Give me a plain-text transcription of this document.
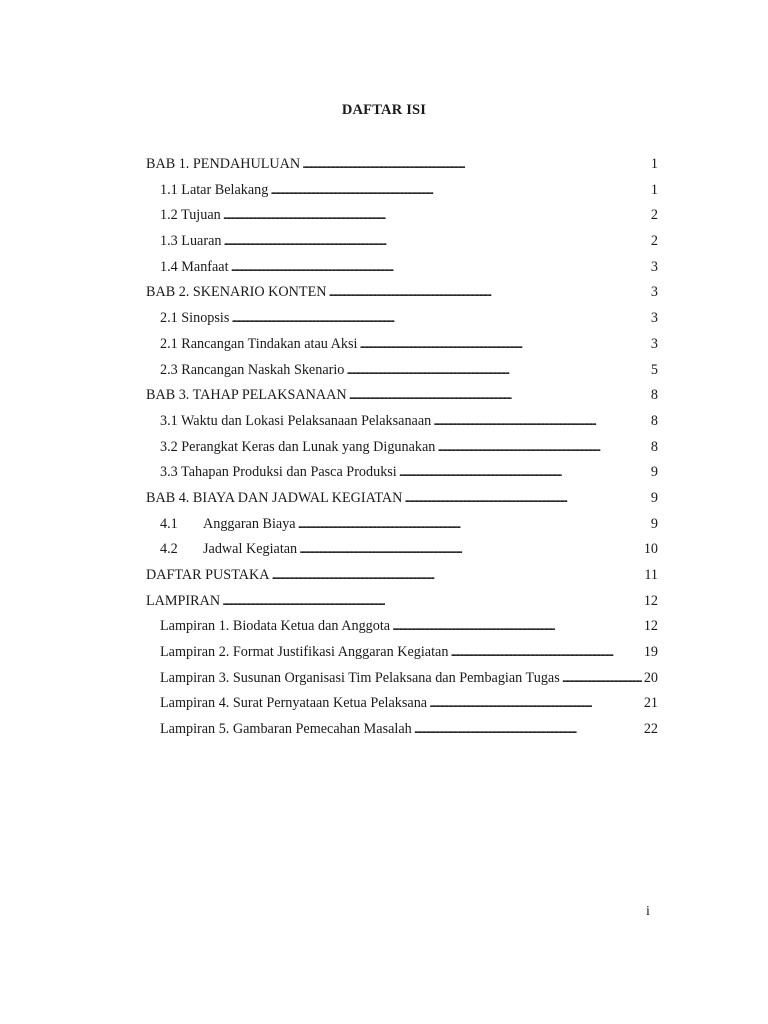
DAFTAR ISI
BAB 1. PENDAHULUAN . . .	1
1.1 Latar Belakang . . .	1
1.2 Tujuan . . .	2
1.3 Luaran . . .	2
1.4 Manfaat . . .	3
BAB 2. SKENARIO KONTEN . . .	3
2.1 Sinopsis . . .	3
2.1 Rancangan Tindakan atau Aksi . . .	3
2.3 Rancangan Naskah Skenario . . .	5
BAB 3. TAHAP PELAKSANAAN . . .	8
3.1 Waktu dan Lokasi Pelaksanaan Pelaksanaan . . .	8
3.2 Perangkat Keras dan Lunak yang Digunakan . . .	8
3.3 Tahapan Produksi dan Pasca Produksi . . .	9
BAB 4. BIAYA DAN JADWAL KEGIATAN . . .	9
4.1	Anggaran Biaya . . .	9
4.2	Jadwal Kegiatan . . .	10
DAFTAR PUSTAKA . . .	11
LAMPIRAN . . .	12
Lampiran 1. Biodata Ketua dan Anggota . . .	12
Lampiran 2. Format Justifikasi Anggaran Kegiatan . . .	19
Lampiran 3. Susunan Organisasi Tim Pelaksana dan Pembagian Tugas . . .	20
Lampiran 4. Surat Pernyataan Ketua Pelaksana . . .	21
Lampiran 5. Gambaran Pemecahan Masalah . . .	22
i
